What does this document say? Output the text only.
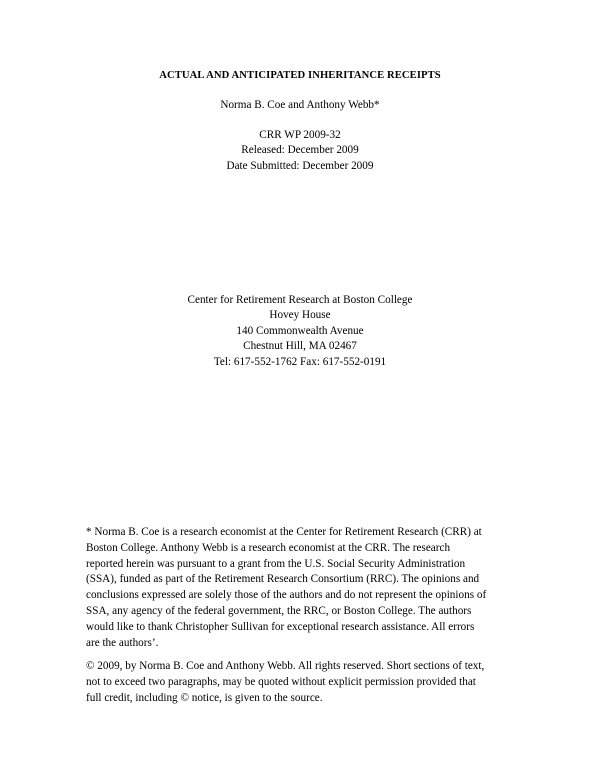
ACTUAL AND ANTICIPATED INHERITANCE RECEIPTS
Norma B. Coe and Anthony Webb*
CRR WP 2009-32
Released: December 2009
Date Submitted: December 2009
Center for Retirement Research at Boston College
Hovey House
140 Commonwealth Avenue
Chestnut Hill, MA 02467
Tel: 617-552-1762 Fax: 617-552-0191
* Norma B. Coe is a research economist at the Center for Retirement Research (CRR) at
Boston College. Anthony Webb is a research economist at the CRR. The research
reported herein was pursuant to a grant from the U.S. Social Security Administration
(SSA), funded as part of the Retirement Research Consortium (RRC). The opinions and
conclusions expressed are solely those of the authors and do not represent the opinions of
SSA, any agency of the federal government, the RRC, or Boston College. The authors
would like to thank Christopher Sullivan for exceptional research assistance. All errors
are the authors’.
© 2009, by Norma B. Coe and Anthony Webb. All rights reserved. Short sections of text,
not to exceed two paragraphs, may be quoted without explicit permission provided that
full credit, including © notice, is given to the source.
